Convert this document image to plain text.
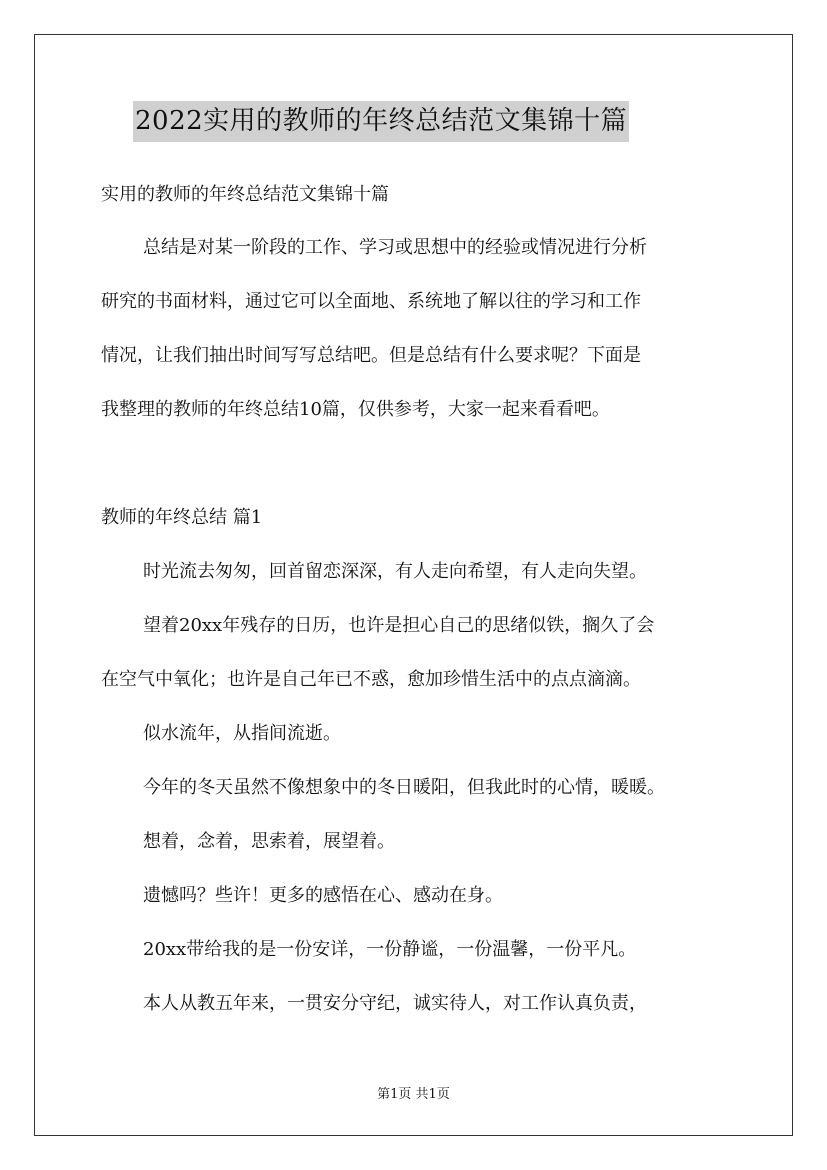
2022实用的教师的年终总结范文集锦十篇
实用的教师的年终总结范文集锦十篇
总结是对某一阶段的工作、学习或思想中的经验或情况进行分析
研究的书面材料，通过它可以全面地、系统地了解以往的学习和工作
情况，让我们抽出时间写写总结吧。但是总结有什么要求呢？下面是
我整理的教师的年终总结10篇，仅供参考，大家一起来看看吧。
教师的年终总结 篇1
时光流去匆匆，回首留恋深深，有人走向希望，有人走向失望。
望着20xx年残存的日历，也许是担心自己的思绪似铁，搁久了会
在空气中氧化；也许是自己年已不惑，愈加珍惜生活中的点点滴滴。
似水流年，从指间流逝。
今年的冬天虽然不像想象中的冬日暖阳，但我此时的心情，暖暖。
想着，念着，思索着，展望着。
遗憾吗？些许！更多的感悟在心、感动在身。
20xx带给我的是一份安详，一份静谧，一份温馨，一份平凡。
本人从教五年来，一贯安分守纪，诚实待人，对工作认真负责，
第1页 共1页
